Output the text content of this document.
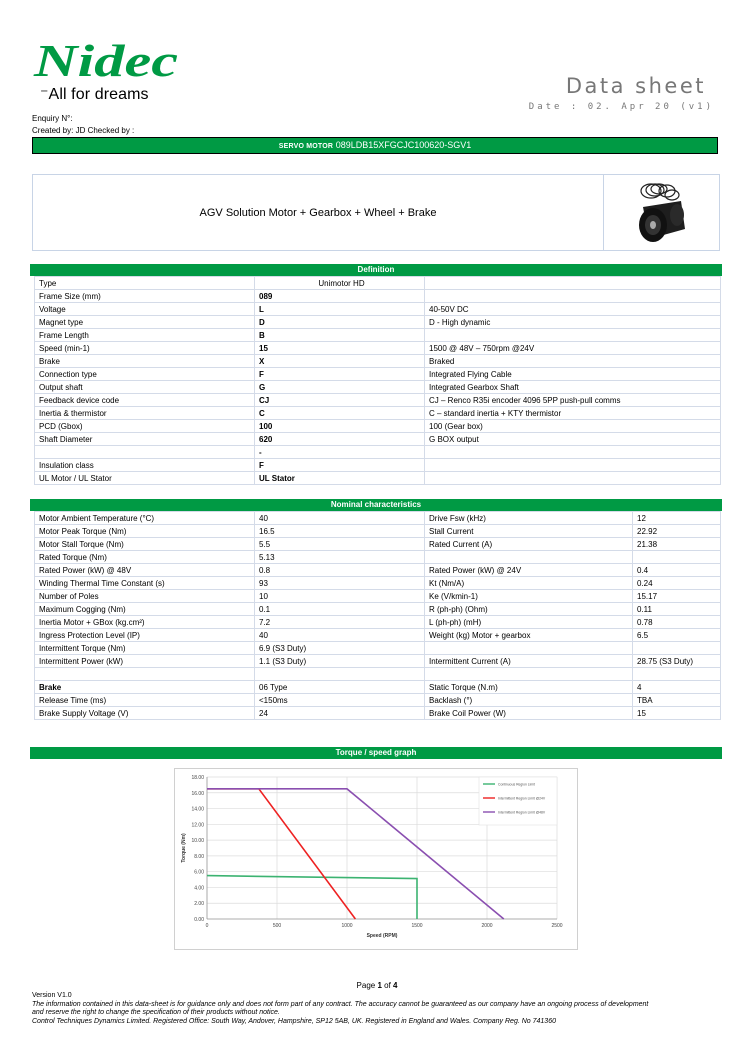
Nidec
⁻All for dreams	Data sheet
Date : 02. Apr 20 (v1)
Enquiry N°:
Created by: JD Checked by :
SERVO MOTOR 089LDB15XFGCJC100620-SGV1
AGV Solution Motor + Gearbox + Wheel + Brake
Definition
Type	Unimotor HD	
Frame Size (mm)	089	
Voltage	L	40-50V DC
Magnet type	D	D - High dynamic
Frame Length	B	
Speed (min-1)	15	1500 @ 48V – 750rpm @24V
Brake	X	Braked
Connection type	F	Integrated Flying Cable
Output shaft	G	Integrated Gearbox Shaft
Feedback device code	CJ	CJ – Renco R35i encoder 4096 5PP push-pull comms
Inertia & thermistor	C	C – standard inertia + KTY thermistor
PCD (Gbox)	100	100 (Gear box)
Shaft Diameter	620	G BOX output
	-	
Insulation class	F	
UL Motor / UL Stator	UL Stator	
Nominal characteristics
Motor Ambient Temperature (°C)	40	Drive Fsw (kHz)	12
Motor Peak Torque (Nm)	16.5	Stall Current	22.92
Motor Stall Torque (Nm)	5.5	Rated Current (A)	21.38
Rated Torque (Nm)	5.13		
Rated Power (kW) @ 48V	0.8	Rated Power (kW) @ 24V	0.4
Winding Thermal Time Constant (s)	93	Kt (Nm/A)	0.24
Number of Poles	10	Ke (V/kmin-1)	15.17
Maximum Cogging (Nm)	0.1	R (ph-ph) (Ohm)	0.11
Inertia Motor + GBox (kg.cm²)	7.2	L (ph-ph) (mH)	0.78
Ingress Protection Level (IP)	40	Weight (kg) Motor + gearbox	6.5
Intermittent Torque (Nm)	6.9 (S3 Duty)		
Intermittent Power (kW)	1.1 (S3 Duty)	Intermittent Current (A)	28.75 (S3 Duty)

Brake	06 Type	Static Torque (N.m)	4
Release Time (ms)	<150ms	Backlash (°)	TBA
Brake Supply Voltage (V)	24	Brake Coil Power (W)	15
Torque / speed graph
0.00
2.00
4.00
6.00
8.00
10.00
12.00
14.00
16.00
18.00
0	500	1000	1500	2000	2500
Speed (RPM)
Torque (Nm)
Continuous Region Limit
Intermittent Region Limit @24V
Intermittent Region Limit @48V
Page 1 of 4
Version V1.0
The information contained in this data-sheet is for guidance only and does not form part of any contract. The accuracy cannot be guaranteed as our company have an ongoing process of development
and reserve the right to change the specification of their products without notice.
Control Techniques Dynamics Limited. Registered Office: South Way, Andover, Hampshire, SP12 5AB, UK. Registered in England and Wales. Company Reg. No 741360
